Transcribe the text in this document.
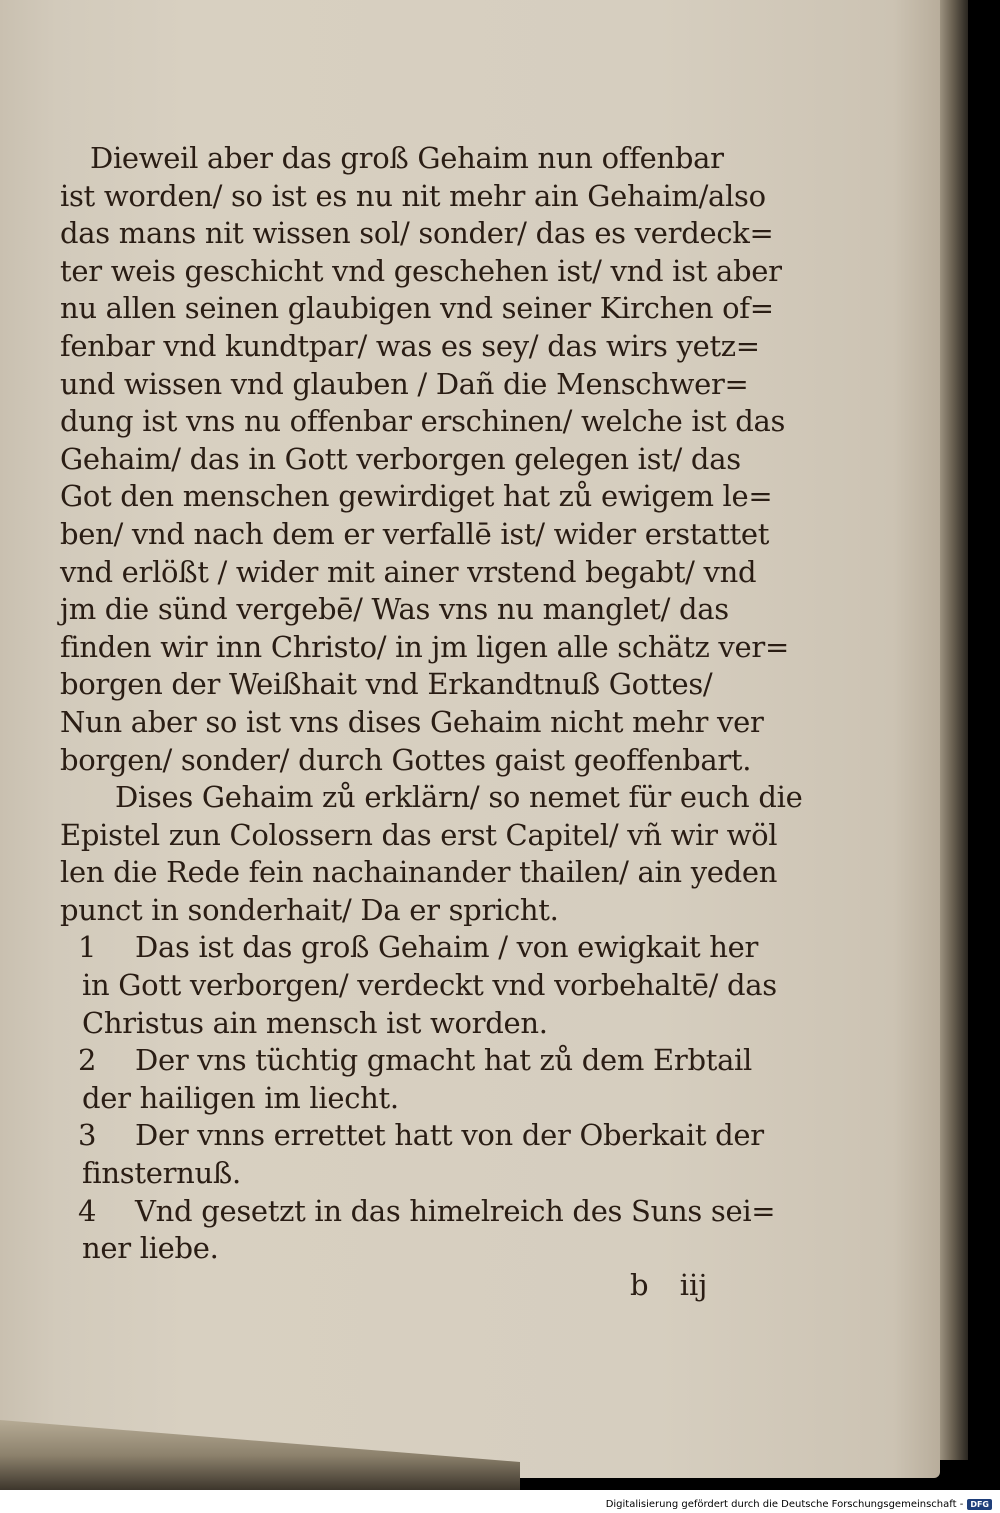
Dieweil aber das groß Gehaim nun offenbar
ist worden/ so ist es nu nit mehr ain Gehaim/also
das mans nit wissen sol/ sonder/ das es verdeck=
ter weis geschicht vnd geschehen ist/ vnd ist aber
nu allen seinen glaubigen vnd seiner Kirchen of=
fenbar vnd kundtpar/ was es sey/ das wirs yetz=
und wissen vnd glauben / Dañ die Menschwer=
dung ist vns nu offenbar erschinen/ welche ist das
Gehaim/ das in Gott verborgen gelegen ist/ das
Got den menschen gewirdiget hat zů ewigem le=
ben/ vnd nach dem er verfallē ist/ wider erstattet
vnd erlößt / wider mit ainer vrstend begabt/ vnd
jm die sünd vergebē/ Was vns nu manglet/ das
finden wir inn Christo/ in jm ligen alle schätz ver=
borgen der Weißhait vnd Erkandtnuß Gottes/
Nun aber so ist vns dises Gehaim nicht mehr ver
borgen/ sonder/ durch Gottes gaist geoffenbart.
Dises Gehaim zů erklärn/ so nemet für euch die
Epistel zun Colossern das erst Capitel/ vñ wir wöl
len die Rede fein nachainander thailen/ ain yeden
punct in sonderhait/ Da er spricht.
1 Das ist das groß Gehaim / von ewigkait her
in Gott verborgen/ verdeckt vnd vorbehaltē/ das
Christus ain mensch ist worden.
2 Der vns tüchtig gmacht hat zů dem Erbtail
der hailigen im liecht.
3 Der vnns errettet hatt von der Oberkait der
finsternuß.
4 Vnd gesetzt in das himelreich des Suns sei=
ner liebe.
b iij
Digitalisierung gefördert durch die Deutsche Forschungsgemeinschaft - DFG
